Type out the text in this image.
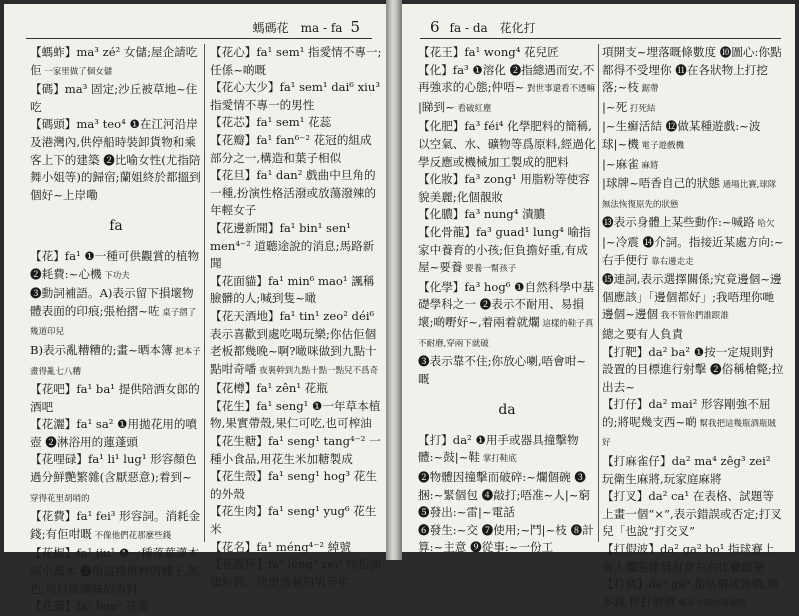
螞碼花　ma - fa 5
【螞蚱】ma³ zé² 女儲;屋企請吃佢 一家里做了個女儲
【碼】ma³ 固定;沙丘被草地~住吃
【碼頭】ma³ teo⁴ ❶在江河沿岸及港灣內,供停船時裝卸貨物和乘客上下的建築 ❷比喻女性(尤指陪舞小姐等)的歸宿;蘭姐終於都搵到個好~上岸嘞
fa
【花】fa¹ ❶一種可供觀賞的植物 ❷耗費:~心機 下功夫
❸動詞補語。A)表示留下損壞物體表面的印痕;張枱摺~咗 桌子摺了幾道印兒
B)表示亂糟糟的;畫~晒本簿 把本子畫得亂七八糟
【花吧】fa¹ ba¹ 提供陪酒女郎的酒吧
【花灑】fa¹ sa² ❶用拋花用的噴壺 ❷淋浴用的蓮蓬頭
【花哩碌】fa¹ li¹ lug¹ 形容顏色過分鮮艷繁雜(含厭惡意);着到~ 穿得花里胡哨的
【花費】fa¹ fei³ 形容詞。消耗金錢;有佢咁嘅 不像他們花那麼些錢
【花椒】fa¹ jiu¹ ❶一種落葉灌木或小喬木 ❷指這種植物的種子,黑色,可以做調味的香料
【花蕾】fa¹ lem² 花蕾
【花心】fa¹ sem¹ 指愛情不專一;任係~啲嘅
【花心大少】fa¹ sem¹ dai⁶ xiu³ 指愛情不專一的男性
【花芯】fa¹ sem¹ 花蕊
【花瓣】fa¹ fan⁶⁻² 花冠的組成部分之一,構造和葉子相似
【花旦】fa¹ dan² 戲曲中旦角的一種,扮演性格活潑或放蕩潑辣的年輕女子
【花邊新聞】fa¹ bin¹ sen¹ men⁴⁻² 道聽途說的消息;馬路新聞
【花面貓】fa¹ min⁶ mao¹ 諷稱臉髒的人;喊到隻~噉
【花天酒地】fa¹ tin¹ zeo² déi⁶ 表示喜歡到處吃喝玩樂;你估佢個老板都幾晚~啊?噉咪做到九點十點咁奇噃 夜裏幹到九點十點一點兒不爲奇
【花樽】fa¹ zên¹ 花瓶
【花生】fa¹ seng¹ ❶一年草本植物,果實帶殼,果仁可吃,也可榨油
【花生糖】fa¹ seng¹ tang⁴⁻² 一種小食品,用花生米加糖製成
【花生殼】fa¹ seng¹ hog³ 花生的外殼
【花生肉】fa¹ seng¹ yug⁶ 花生米
【花名】fa¹ méng⁴⁻² 綽號
【花靚仔】fa¹ léng³ zei² 特指油頭粉面、流里流氣的男青年
6 fa - da　花化打
【花王】fa¹ wong⁴ 花兒匠
【化】fa³ ❶溶化 ❷指總遇而安,不再強求的心態;仲唔~ 對世事還看不透嘛
|睇到~ 看破紅塵
【化肥】fa³ féi⁴ 化學肥料的簡稱,以空氣、水、礦物等爲原料,經過化學反應或機械加工製成的肥料
【化妝】fa³ zong¹ 用脂粉等使容貌美麗;化個靚妝
【化膿】fa³ nung⁴ 潰膿
【化骨龍】fa³ guad¹ lung⁴ 喻指家中養育的小孩;佢負擔好重,有成屋~要養 要養一幫孩子
【化學】fa³ hog⁶ ❶自然科學中基礎學科之一 ❷表示不耐用、易損壞;啲嘢好~,着兩着就爛 這樣的鞋子真不耐磨,穿兩下就破
❸表示靠不住;你放心喇,唔會咁~嘅
da
【打】da² ❶用手或器具撞擊物體:~鼓|~鞋 掌打鞋底
❷物體因撞擊而破碎:~爛個碗 ❸捆:~緊個包 ❹敲打;唔准~人|~窮 ❺發出:~雷|~電話
❻發生:~交 ❼使用;~鬥|~枝 ❽計算:~主意 ❾從事:~一份工
項開支~埋落嘅條數度 ❿圖心:你點都得不受埋你 ⓫在各狀物上打挖落;~枝 鋸帶
|~死 打死結
|~生癬活結 ⓬做某種遊戲:~波球|~機 電子遊戲機
|~麻雀 麻將
|球牌~唔香自己的狀態 通場比賽,球隊無法恢復原先的狀態
⓭表示身體上某些動作:~喊路 哈欠
|~冷震 ⓮介詞。指接近某處方向:~右手便行 靠右邊走走
⓯連詞,表示選擇關係;究竟邊個~邊個應該」「邊個都好」;我唔理你哋邊個~邊個 我不管你們誰跟誰
總之要有人負責
【打靶】da² ba² ❶按一定規則對設置的目標進行射擊 ❷俗稱槍斃;拉出去~
【打仔】da² mai² 形容剛強不屈的;將呢幾支西~啲 幫我把這幾瓶酒瓶賊好
【打麻雀仔】da² ma⁴ zêg³ zei² 玩衛生麻將,玩家庭麻將
【打叉】da² ca¹ 在表格、試題等上畫一個“×”,表示錯誤或否定;打叉兒「也說“打交叉”
【打假波】da² ga² bo¹ 指球賽上有人爛陷球員有意左右比賽結果
【打個】da² ga³ 指估價或報價;幾多錢,你打個價 喺多少錢你報個價
